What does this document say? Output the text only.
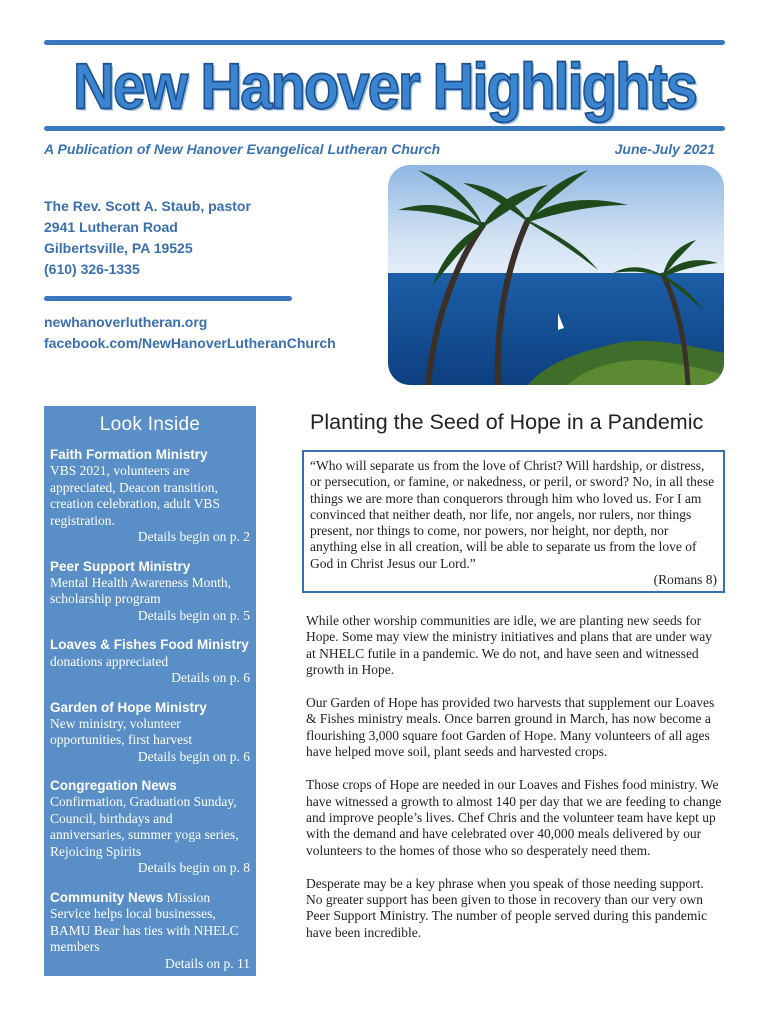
New Hanover Highlights
A Publication of New Hanover Evangelical Lutheran Church	June-July 2021
The Rev. Scott A. Staub, pastor
2941 Lutheran Road
Gilbertsville, PA 19525
(610) 326-1335
newhanoverlutheran.org
facebook.com/NewHanoverLutheranChurch
Look Inside
Faith Formation Ministry
VBS 2021, volunteers are appreciated, Deacon transition, creation celebration, adult VBS registration.
Details begin on p. 2
Peer Support Ministry
Mental Health Awareness Month, scholarship program
Details begin on p. 5
Loaves & Fishes Food Ministry donations appreciated
Details on p. 6
Garden of Hope Ministry
New ministry, volunteer opportunities, first harvest
Details begin on p. 6
Congregation News
Confirmation, Graduation Sunday, Council, birthdays and anniversaries, summer yoga series, Rejoicing Spirits
Details begin on p. 8
Community News Mission Service helps local businesses, BAMU Bear has ties with NHELC members
Details on p. 11
Planting the Seed of Hope in a Pandemic
“Who will separate us from the love of Christ? Will hardship, or distress, or persecution, or famine, or nakedness, or peril, or sword? No, in all these things we are more than conquerors through him who loved us. For I am convinced that neither death, nor life, nor angels, nor rulers, nor things present, nor things to come, nor powers, nor height, nor depth, nor anything else in all creation, will be able to separate us from the love of God in Christ Jesus our Lord.”
(Romans 8)

While other worship communities are idle, we are planting new seeds for Hope. Some may view the ministry initiatives and plans that are under way at NHELC futile in a pandemic. We do not, and have seen and witnessed growth in Hope.

Our Garden of Hope has provided two harvests that supplement our Loaves & Fishes ministry meals. Once barren ground in March, has now become a flourishing 3,000 square foot Garden of Hope. Many volunteers of all ages have helped move soil, plant seeds and harvested crops.

Those crops of Hope are needed in our Loaves and Fishes food ministry. We have witnessed a growth to almost 140 per day that we are feeding to change and improve people’s lives. Chef Chris and the volunteer team have kept up with the demand and have celebrated over 40,000 meals delivered by our volunteers to the homes of those who so desperately need them.

Desperate may be a key phrase when you speak of those needing support. No greater support has been given to those in recovery than our very own Peer Support Ministry. The number of people served during this pandemic have been incredible.
